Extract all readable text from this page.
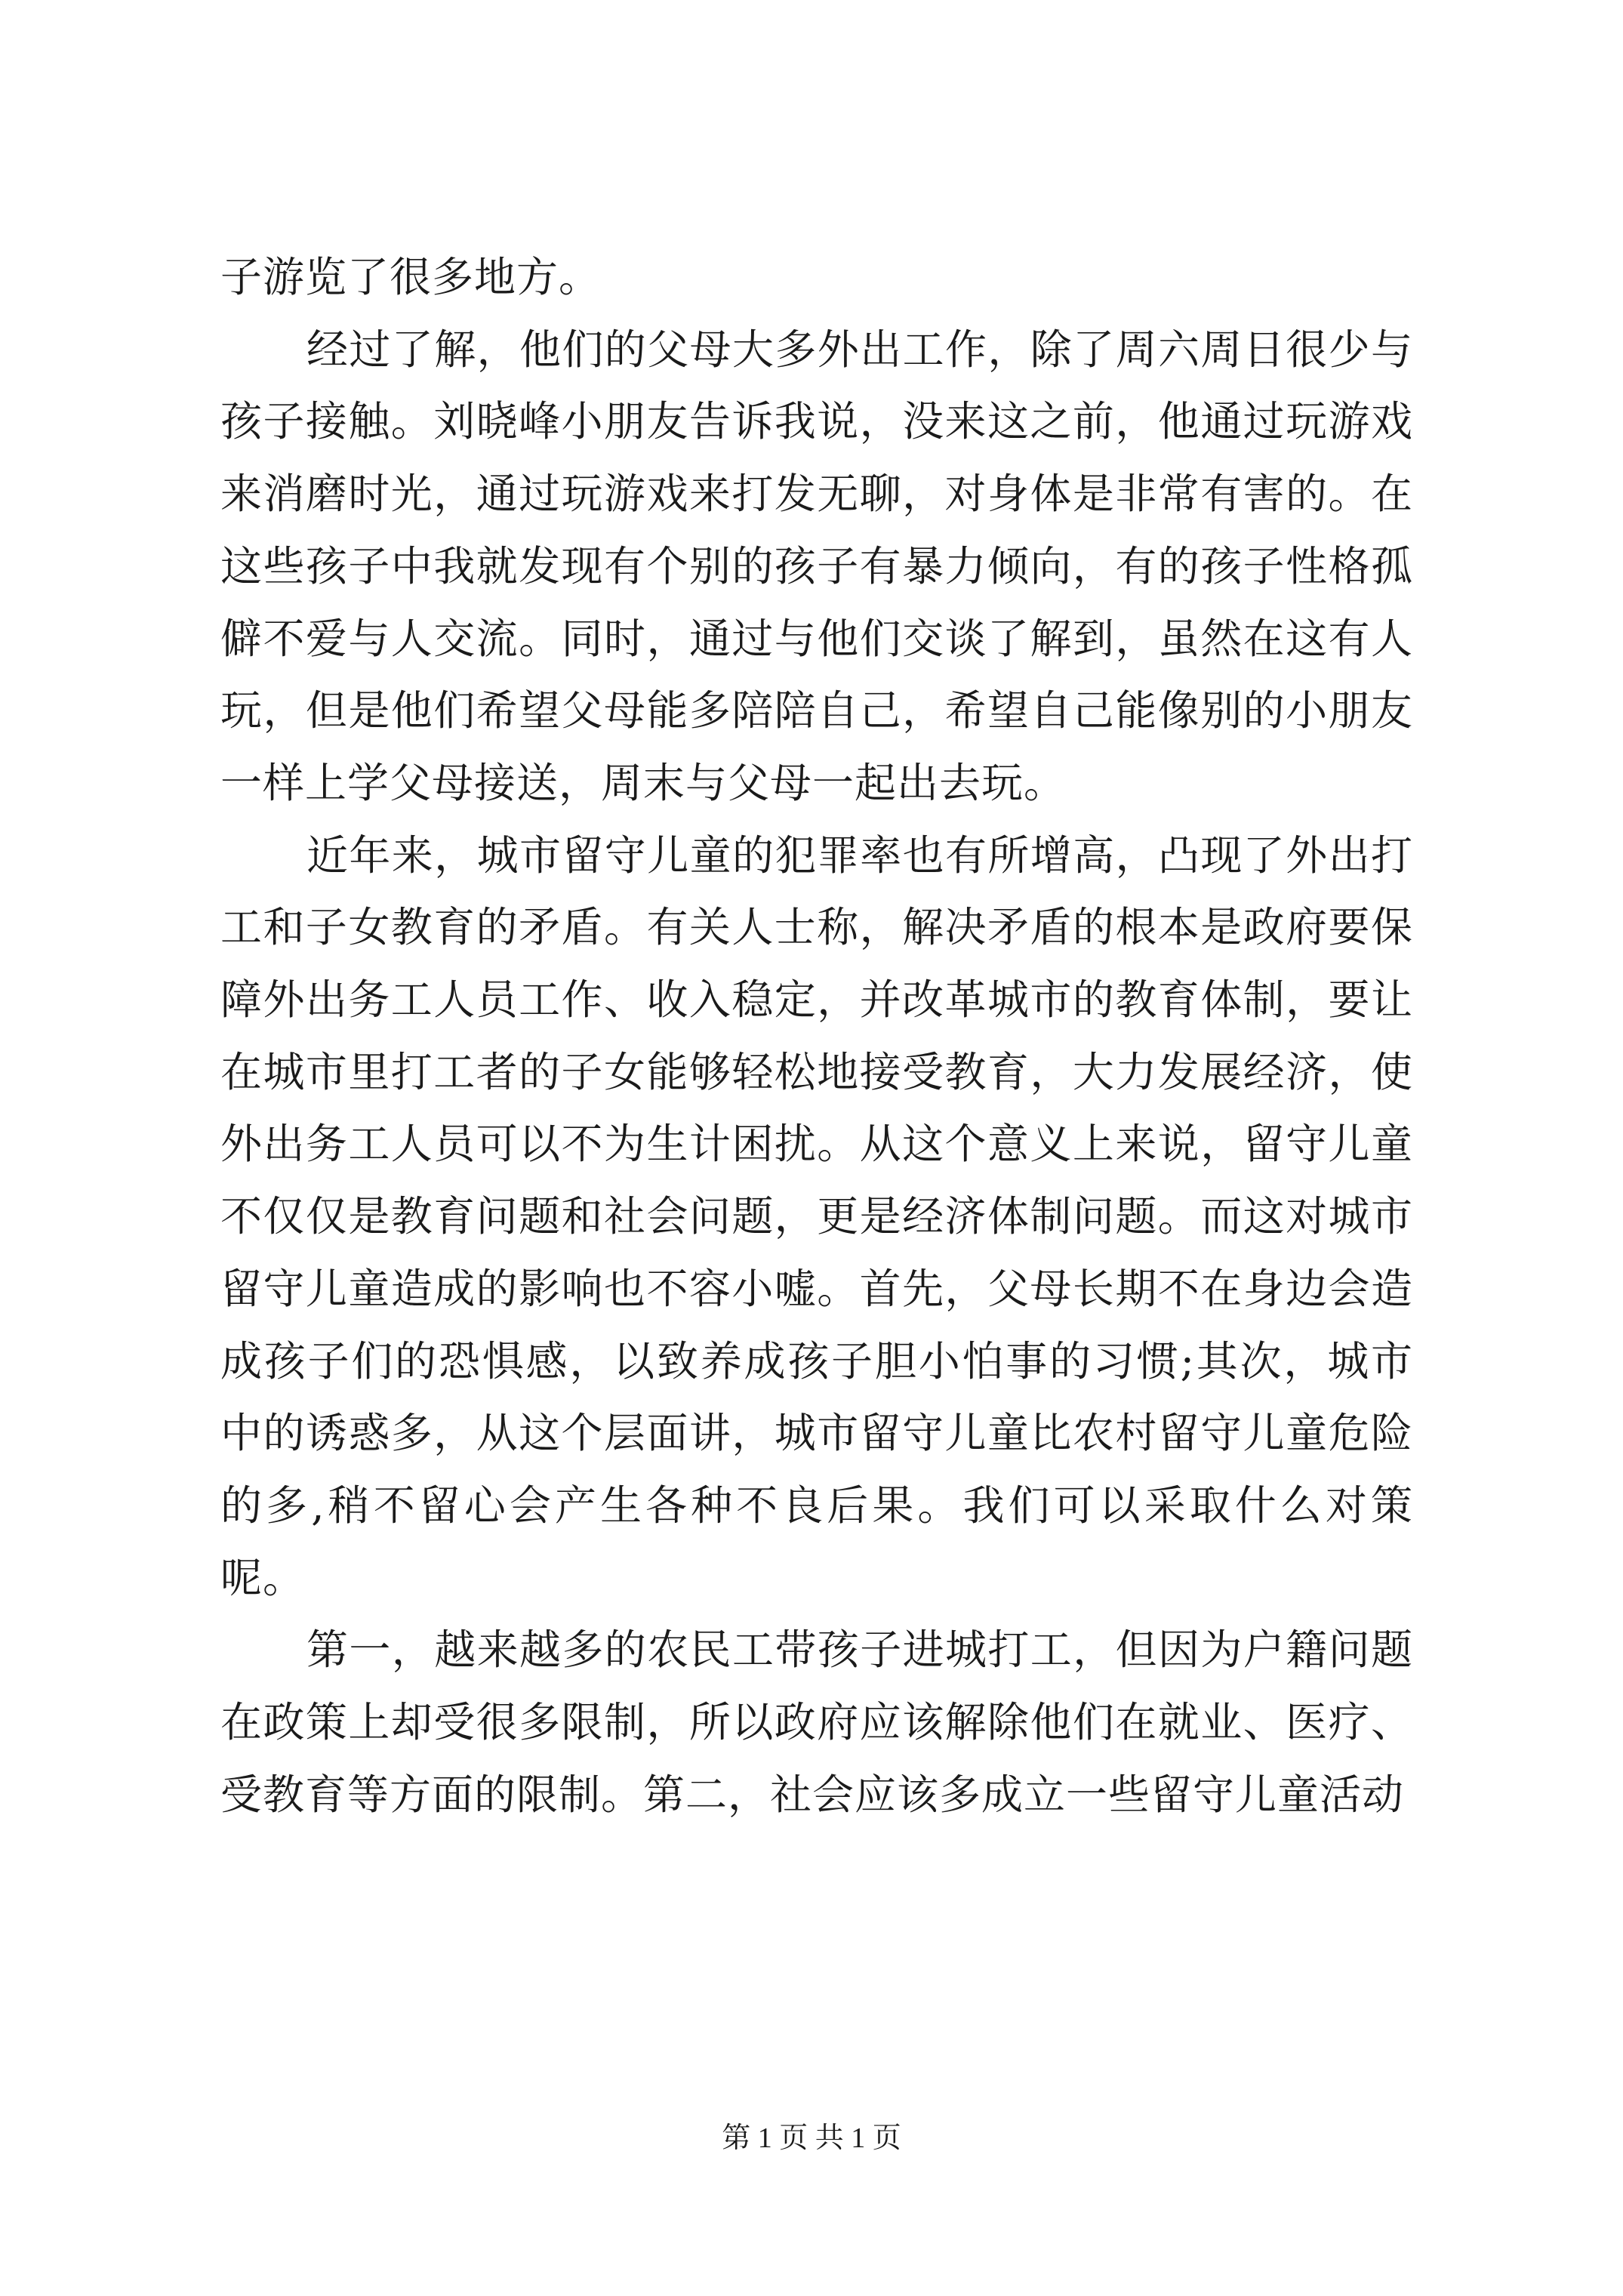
子游览了很多地方。

经过了解，他们的父母大多外出工作，除了周六周日很少与孩子接触。刘晓峰小朋友告诉我说，没来这之前，他通过玩游戏来消磨时光，通过玩游戏来打发无聊，对身体是非常有害的。在这些孩子中我就发现有个别的孩子有暴力倾向，有的孩子性格孤僻不爱与人交流。同时，通过与他们交谈了解到，虽然在这有人玩，但是他们希望父母能多陪陪自己，希望自己能像别的小朋友一样上学父母接送，周末与父母一起出去玩。

近年来，城市留守儿童的犯罪率也有所增高，凸现了外出打工和子女教育的矛盾。有关人士称，解决矛盾的根本是政府要保障外出务工人员工作、收入稳定，并改革城市的教育体制，要让在城市里打工者的子女能够轻松地接受教育，大力发展经济，使外出务工人员可以不为生计困扰。从这个意义上来说，留守儿童不仅仅是教育问题和社会问题，更是经济体制问题。而这对城市留守儿童造成的影响也不容小嘘。首先，父母长期不在身边会造成孩子们的恐惧感，以致养成孩子胆小怕事的习惯;其次，城市中的诱惑多，从这个层面讲，城市留守儿童比农村留守儿童危险的多,稍不留心会产生各种不良后果。我们可以采取什么对策呢。

第一，越来越多的农民工带孩子进城打工，但因为户籍问题在政策上却受很多限制，所以政府应该解除他们在就业、医疗、受教育等方面的限制。第二，社会应该多成立一些留守儿童活动

第 1 页 共 1 页
